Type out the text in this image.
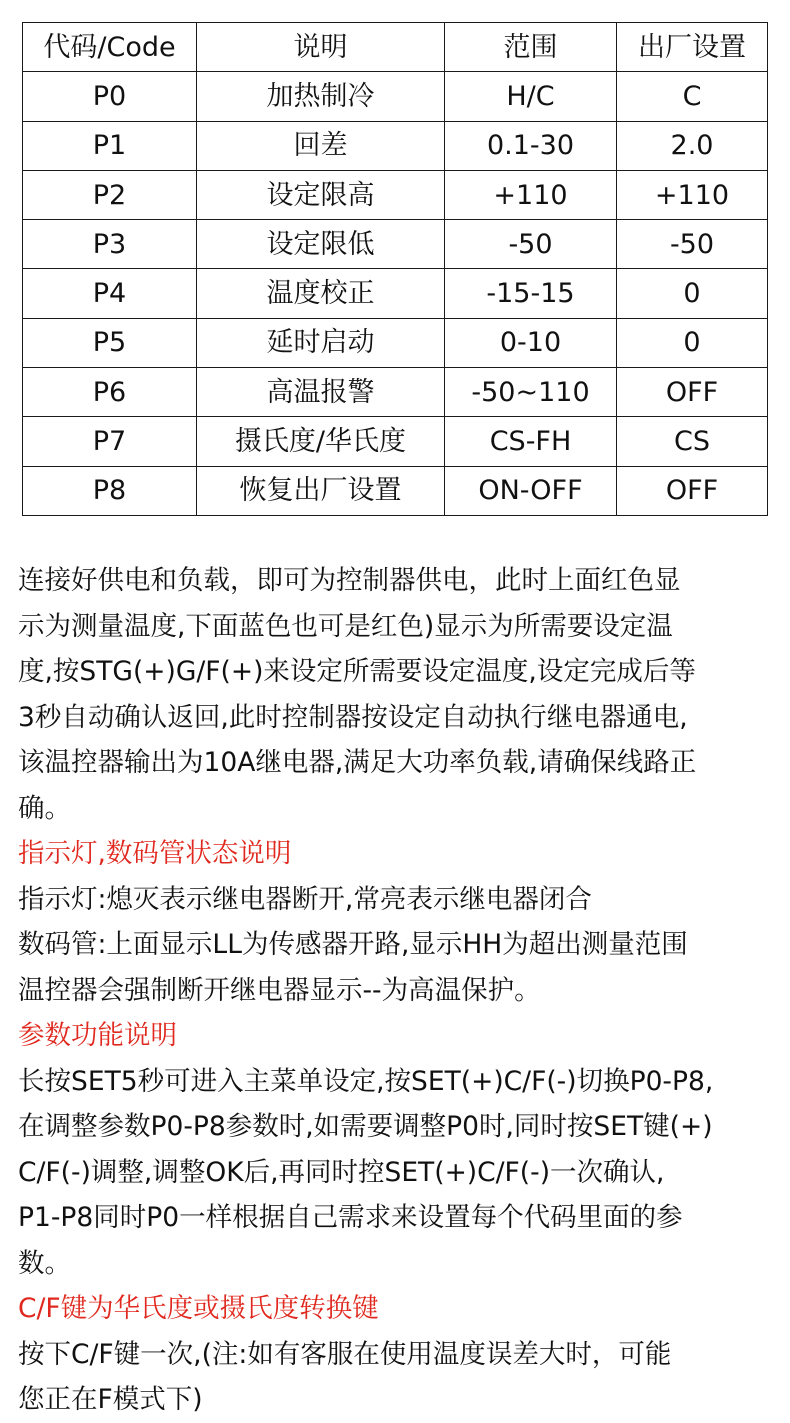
代码/Code	说明	范围	出厂设置
P0	加热制冷	H/C	C
P1	回差	0.1-30	2.0
P2	设定限高	+110	+110
P3	设定限低	-50	-50
P4	温度校正	-15-15	0
P5	延时启动	0-10	0
P6	高温报警	-50~110	OFF
P7	摄氏度/华氏度	CS-FH	CS
P8	恢复出厂设置	ON-OFF	OFF

连接好供电和负载，即可为控制器供电，此时上面红色显

示为测量温度,下面蓝色也可是红色)显示为所需要设定温

度,按STG(+)G/F(+)来设定所需要设定温度,设定完成后等

3秒自动确认返回,此时控制器按设定自动执行继电器通电,

该温控器输出为10A继电器,满足大功率负载,请确保线路正

确。

指示灯,数码管状态说明

指示灯:熄灭表示继电器断开,常亮表示继电器闭合

数码管:上面显示LL为传感器开路,显示HH为超出测量范围

温控器会强制断开继电器显示--为高温保护。

参数功能说明

长按SET5秒可进入主菜单设定,按SET(+)C/F(-)切换P0-P8,

在调整参数P0-P8参数时,如需要调整P0时,同时按SET键(+)

C/F(-)调整,调整OK后,再同时控SET(+)C/F(-)一次确认,

P1-P8同时P0一样根据自己需求来设置每个代码里面的参

数。

C/F键为华氏度或摄氏度转换键

按下C/F键一次,(注:如有客服在使用温度误差大时，可能

您正在F模式下)
